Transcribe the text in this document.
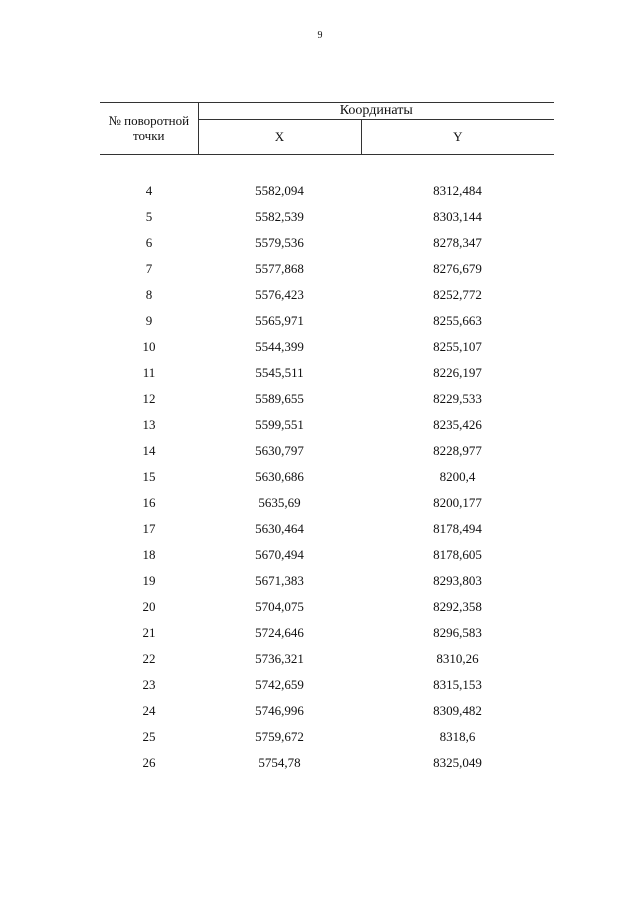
9
№ поворотной точки	Координаты	
	X	Y
4	5582,094	8312,484
5	5582,539	8303,144
6	5579,536	8278,347
7	5577,868	8276,679
8	5576,423	8252,772
9	5565,971	8255,663
10	5544,399	8255,107
11	5545,511	8226,197
12	5589,655	8229,533
13	5599,551	8235,426
14	5630,797	8228,977
15	5630,686	8200,4
16	5635,69	8200,177
17	5630,464	8178,494
18	5670,494	8178,605
19	5671,383	8293,803
20	5704,075	8292,358
21	5724,646	8296,583
22	5736,321	8310,26
23	5742,659	8315,153
24	5746,996	8309,482
25	5759,672	8318,6
26	5754,78	8325,049
